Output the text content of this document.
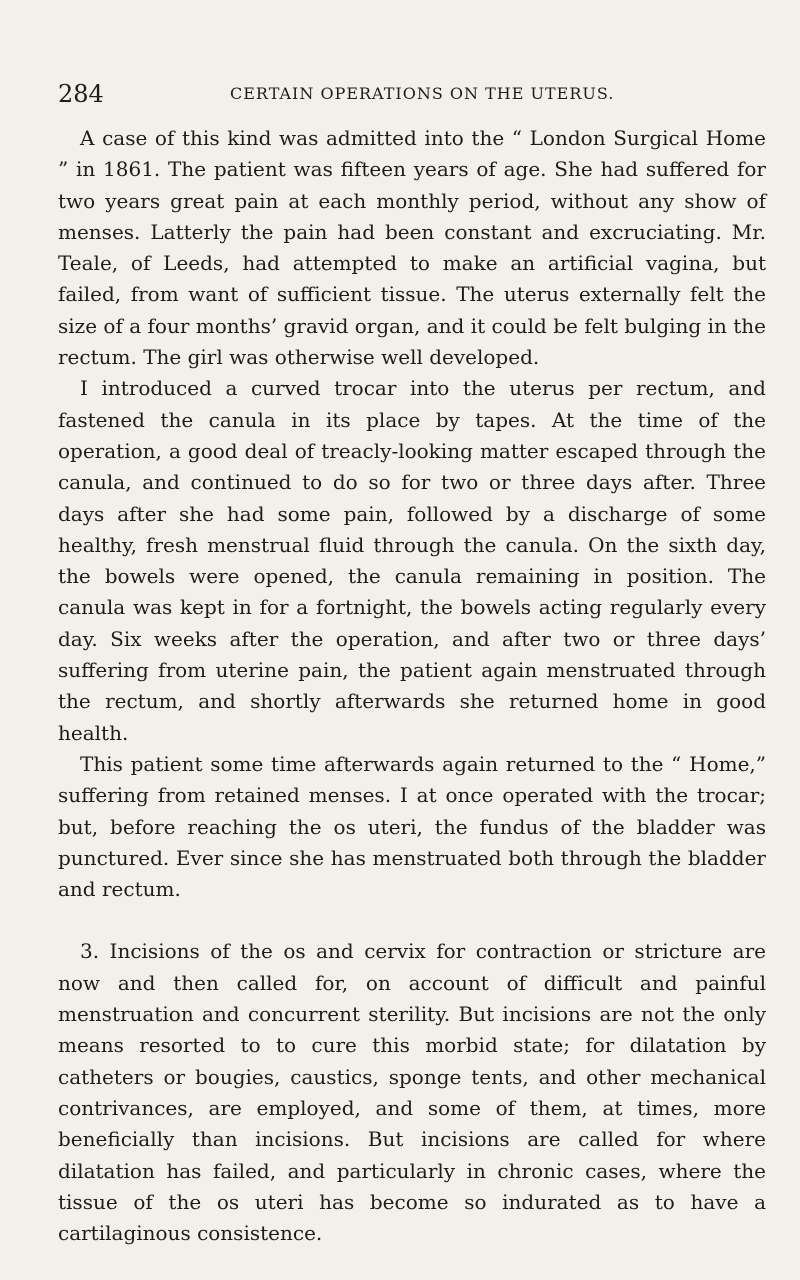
284	CERTAIN OPERATIONS ON THE UTERUS.

A case of this kind was admitted into the “ London Surgical Home ” in 1861. The patient was fifteen years of age. She had suffered for two years great pain at each monthly period, without any show of menses. Latterly the pain had been constant and excruciating. Mr. Teale, of Leeds, had attempted to make an artificial vagina, but failed, from want of sufficient tissue. The uterus externally felt the size of a four months’ gravid organ, and it could be felt bulging in the rectum. The girl was otherwise well developed.

I introduced a curved trocar into the uterus per rectum, and fastened the canula in its place by tapes. At the time of the operation, a good deal of treacly-looking matter escaped through the canula, and continued to do so for two or three days after. Three days after she had some pain, followed by a discharge of some healthy, fresh menstrual fluid through the canula. On the sixth day, the bowels were opened, the canula remaining in position. The canula was kept in for a fortnight, the bowels acting regularly every day. Six weeks after the operation, and after two or three days’ suffering from uterine pain, the patient again menstruated through the rectum, and shortly afterwards she returned home in good health.

This patient some time afterwards again returned to the “ Home,” suffering from retained menses. I at once operated with the trocar; but, before reaching the os uteri, the fundus of the bladder was punctured. Ever since she has menstruated both through the bladder and rectum.

3. Incisions of the os and cervix for contraction or stricture are now and then called for, on account of difficult and painful menstruation and concurrent sterility. But incisions are not the only means resorted to to cure this morbid state; for dilatation by catheters or bougies, caustics, sponge tents, and other mechanical contrivances, are employed, and some of them, at times, more beneficially than incisions. But incisions are called for where dilatation has failed, and particularly in chronic cases, where the tissue of the os uteri has become so indurated as to have a cartilaginous consistence.
